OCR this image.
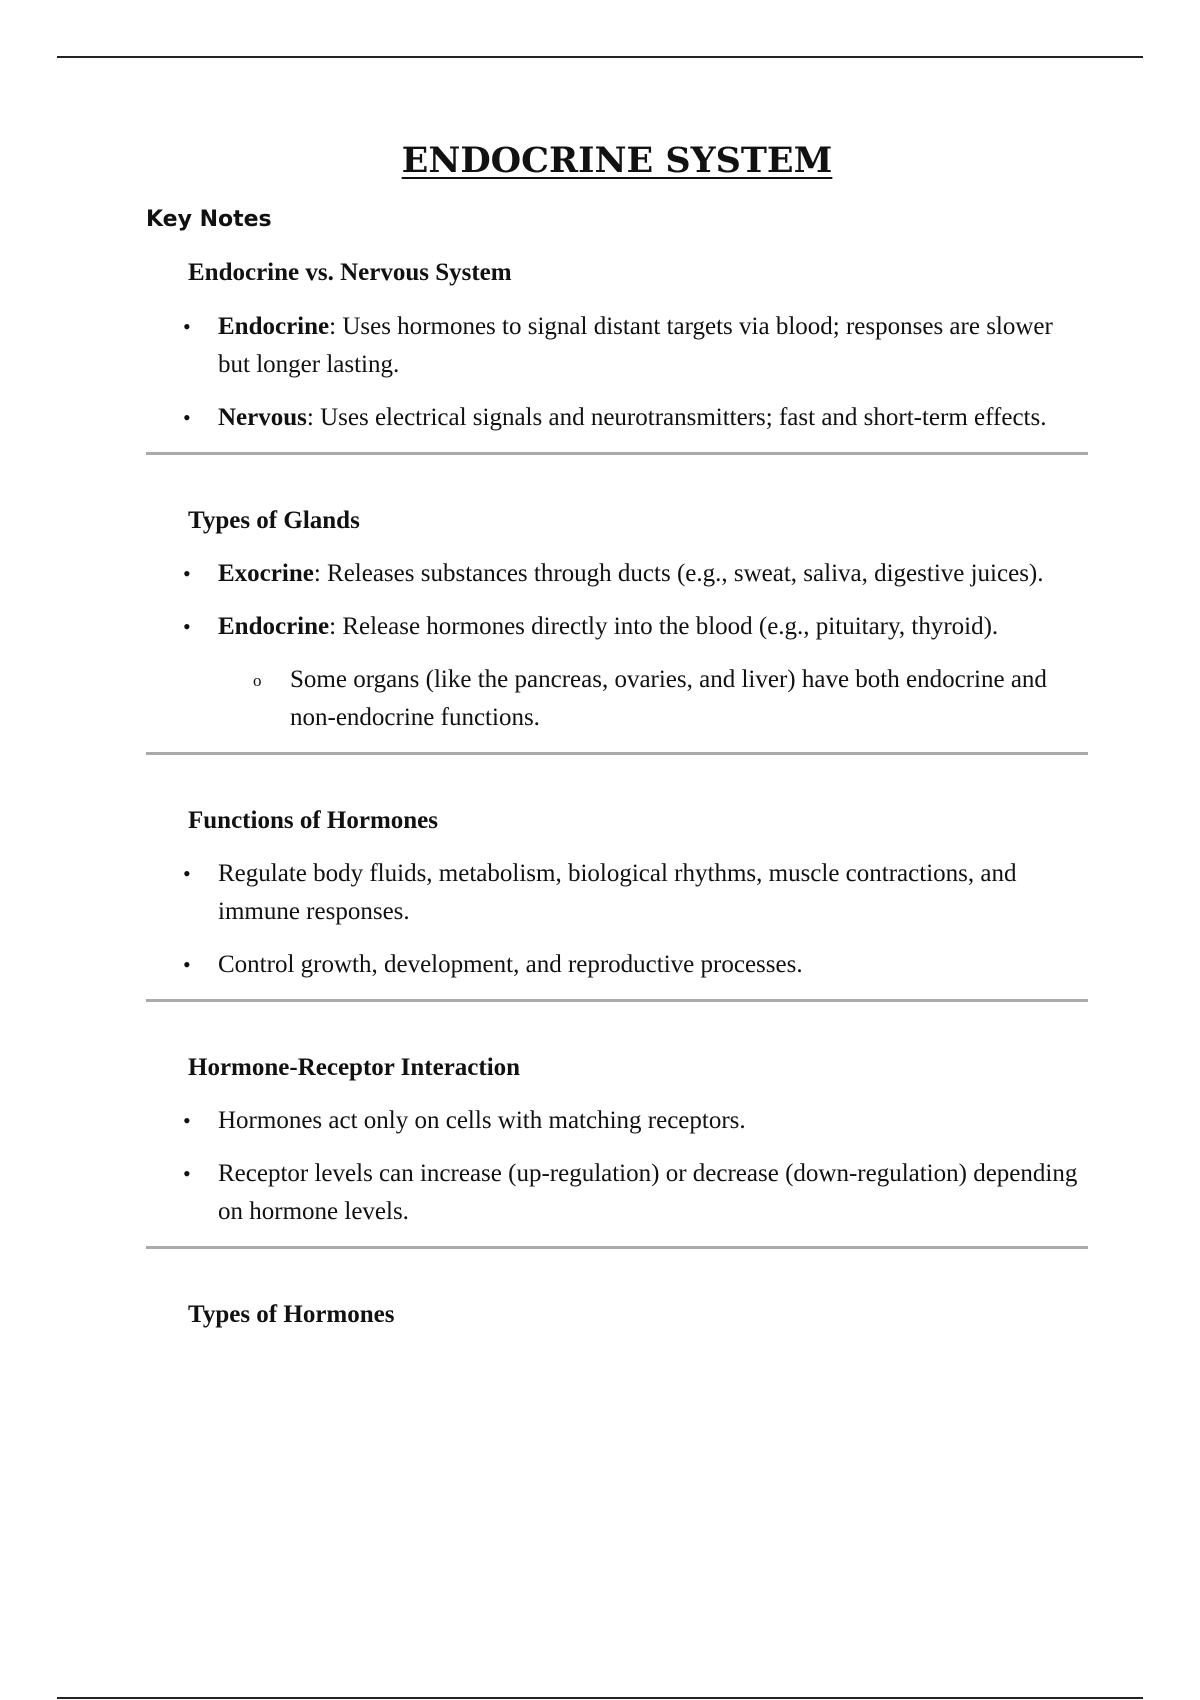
ENDOCRINE SYSTEM
Key Notes
Endocrine vs. Nervous System
• Endocrine: Uses hormones to signal distant targets via blood; responses are slower but longer lasting.
• Nervous: Uses electrical signals and neurotransmitters; fast and short-term effects.
Types of Glands
• Exocrine: Releases substances through ducts (e.g., sweat, saliva, digestive juices).
• Endocrine: Release hormones directly into the blood (e.g., pituitary, thyroid).
o Some organs (like the pancreas, ovaries, and liver) have both endocrine and non-endocrine functions.
Functions of Hormones
• Regulate body fluids, metabolism, biological rhythms, muscle contractions, and immune responses.
• Control growth, development, and reproductive processes.
Hormone-Receptor Interaction
• Hormones act only on cells with matching receptors.
• Receptor levels can increase (up-regulation) or decrease (down-regulation) depending on hormone levels.
Types of Hormones
